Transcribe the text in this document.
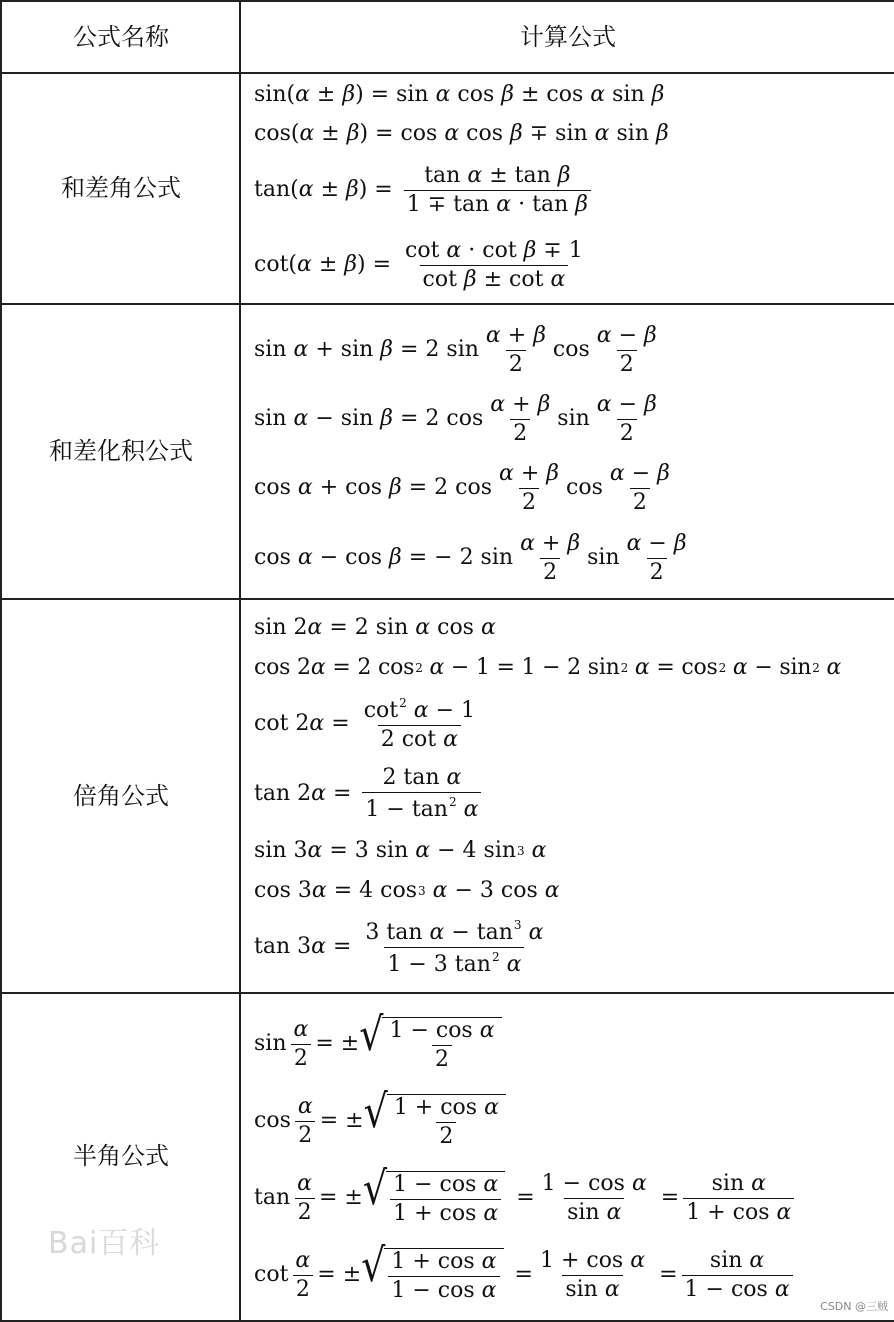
公式名称	计算公式
和差角公式
和差化积公式
倍角公式
半角公式
sin( α ± β ) = sin α cos β ± cos α sin β
cos( α ± β ) = cos α cos β ∓ sin α sin β
tan( α ± β ) = $\frac{\text{tan α ± tan β}}{\text{1 ∓ tan α · tan β}}$
cot( α ± β ) = $\frac{\text{cot α · cot β ∓ 1}}{\text{cot β ± cot α}}$
sin α + sin β = 2 $\sin \frac{\alpha + \beta}{2}$ $\cos \frac{\alpha - \beta}{2}$
sin α − sin β = 2 $\cos \frac{\alpha + \beta}{2}$ $\sin \frac{\alpha - \beta}{2}$
cos α + cos β = 2 $\cos \frac{\alpha + \beta}{2}$ $\cos \frac{\alpha - \beta}{2}$
cos α − cos β = − 2 $\sin \frac{\alpha + \beta}{2}$ $\sin \frac{\alpha - \beta}{2}$
sin 2 α = 2 sin α cos α
cos 2 α = 2 cos 2
α − 1 = 1 − 2 sin 2
α = cos 2
α − sin 2
α
cot 2 $\alpha = \frac{\cot^2 \alpha - 1}{\text{2 cot α}}$
tan 2 $\alpha = \frac{\text{2 tan α}}{1 - \tan^2 \alpha}$
sin 3 α = 3 sin α − 4 sin 3
α
cos 3 α = 4 cos 3
α − 3 cos α
tan 3 $\alpha = \frac{3 \tan \alpha - \tan^3 \alpha}{1 - 3 \tan^2 \alpha}$
$\sin \frac{\alpha}{2}$ = ± √ $\frac{\text{1 − cos α}}{2}$
$\cos \frac{\alpha}{2}$ = ± √ $\frac{\text{1 + cos α}}{2}$
$\tan \frac{\alpha}{2}$ = ± √ $\frac{\text{1 − cos α}}{\text{1 + cos α}} = \frac{\text{1 − cos α}}{\text{sin α}} = \frac{\text{sin α}}{\text{1 + cos α}}$
$\cot \frac{\alpha}{2}$ = ± √ $\frac{\text{1 + cos α}}{\text{1 − cos α}} = \frac{\text{1 + cos α}}{\text{sin α}} = \frac{\text{sin α}}{\text{1 − cos α}}$
Bai百科
CSDN @三贼
